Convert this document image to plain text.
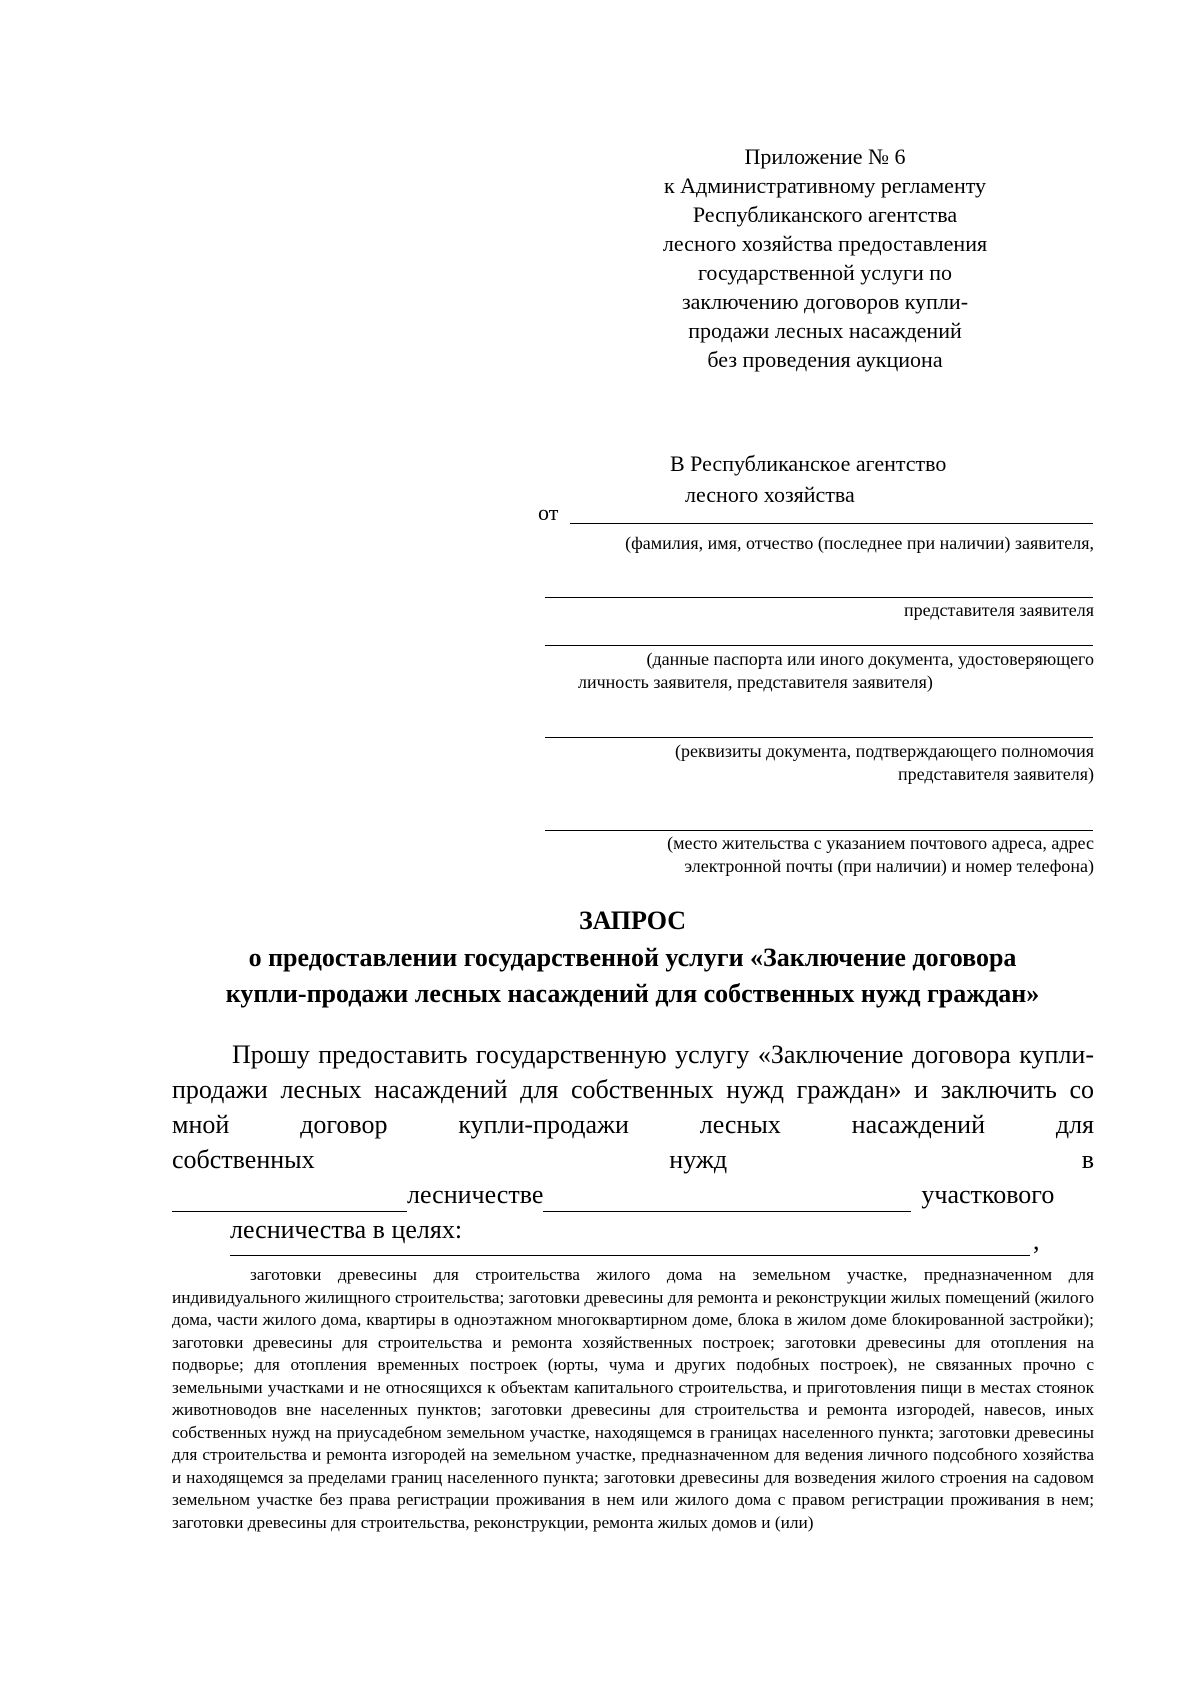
Приложение № 6
к Административному регламенту
Республиканского агентства
лесного хозяйства предоставления
государственной услуги по
заключению договоров купли-
продажи лесных насаждений
без проведения аукциона
В Республиканское агентство
лесного хозяйства
от
(фамилия, имя, отчество (последнее при наличии) заявителя,
представителя заявителя
(данные паспорта или иного документа, удостоверяющего
личность заявителя, представителя заявителя)
(реквизиты документа, подтверждающего полномочия
представителя заявителя)
(место жительства с указанием почтового адреса, адрес
электронной почты (при наличии) и номер телефона)
ЗАПРОС
о предоставлении государственной услуги «Заключение договора
купли-продажи лесных насаждений для собственных нужд граждан»
Прошу предоставить государственную услугу «Заключение договора купли-продажи лесных насаждений для собственных нужд граждан» и заключить со мной договор купли-продажи лесных насаждений для
собственных	нужд	в
лесничестве	участкового
лесничества в целях:	,
заготовки древесины для строительства жилого дома на земельном участке, предназначенном для индивидуального жилищного строительства; заготовки древесины для ремонта и реконструкции жилых помещений (жилого дома, части жилого дома, квартиры в одноэтажном многоквартирном доме, блока в жилом доме блокированной застройки); заготовки древесины для строительства и ремонта хозяйственных построек; заготовки древесины для отопления на подворье; для отопления временных построек (юрты, чума и других подобных построек), не связанных прочно с земельными участками и не относящихся к объектам капитального строительства, и приготовления пищи в местах стоянок животноводов вне населенных пунктов; заготовки древесины для строительства и ремонта изгородей, навесов, иных собственных нужд на приусадебном земельном участке, находящемся в границах населенного пункта; заготовки древесины для строительства и ремонта изгородей на земельном участке, предназначенном для ведения личного подсобного хозяйства и находящемся за пределами границ населенного пункта; заготовки древесины для возведения жилого строения на садовом земельном участке без права регистрации проживания в нем или жилого дома с правом регистрации проживания в нем; заготовки древесины для строительства, реконструкции, ремонта жилых домов и (или)
